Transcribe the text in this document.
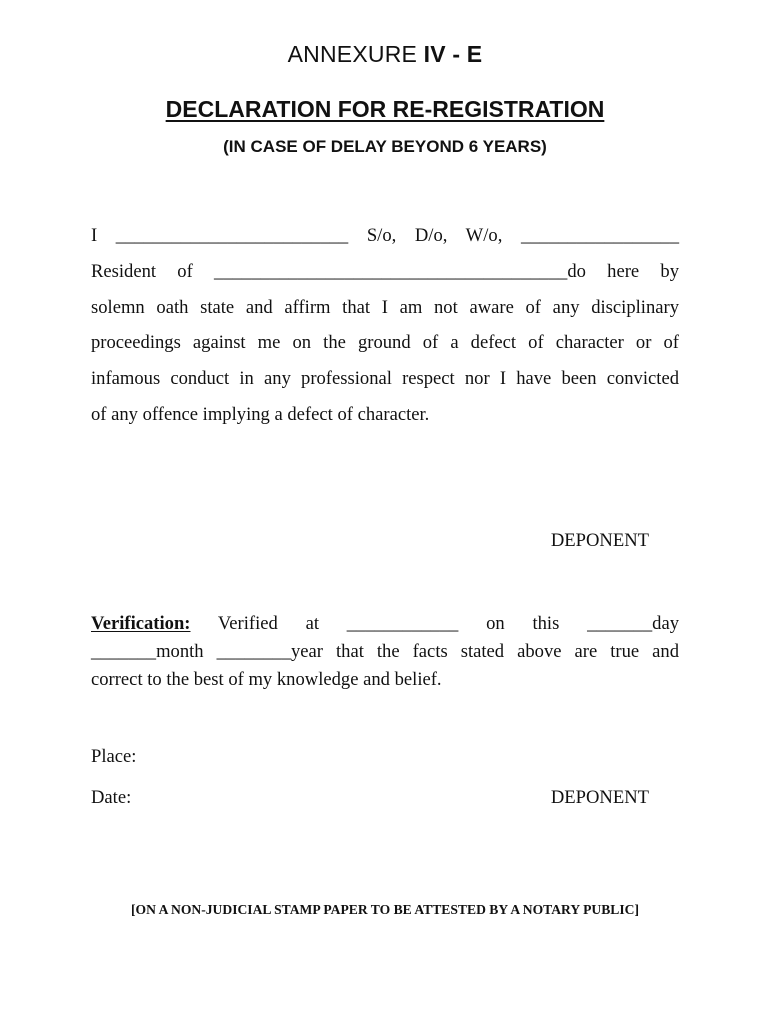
ANNEXURE IV - E
DECLARATION FOR RE-REGISTRATION
(IN CASE OF DELAY BEYOND 6 YEARS)
I _________________________ S/o, D/o, W/o, _________________
Resident of ______________________________________do here by
solemn oath state and affirm that I am not aware of any disciplinary
proceedings against me on the ground of a defect of character or of
infamous conduct in any professional respect nor I have been convicted
of any offence implying a defect of character.
DEPONENT
Verification: Verified at ____________ on this _______day
_______month ________year that the facts stated above are true and
correct to the best of my knowledge and belief.
Place:
Date:	DEPONENT
[ON A NON-JUDICIAL STAMP PAPER TO BE ATTESTED BY A NOTARY PUBLIC]
